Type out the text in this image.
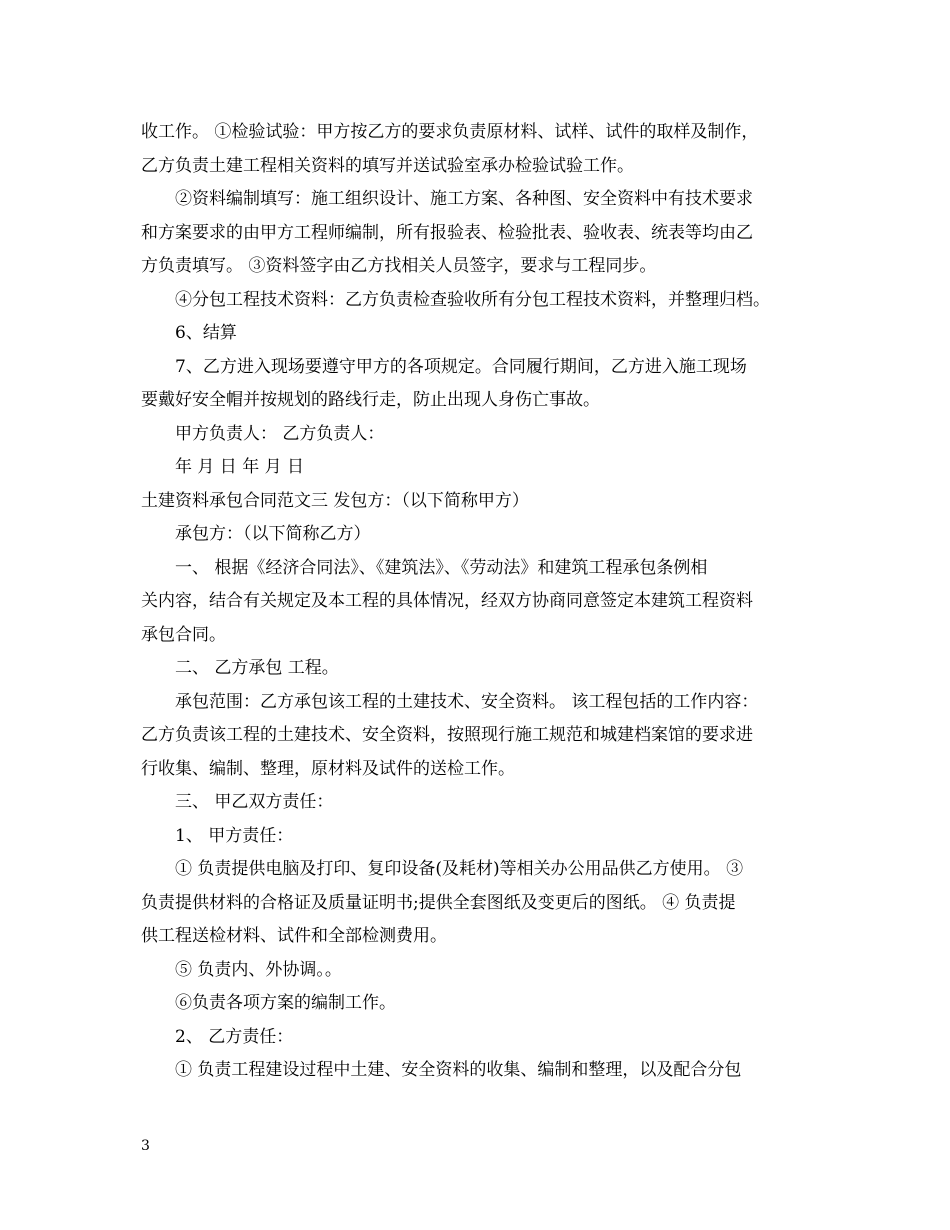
收工作。 ①检验试验：甲方按乙方的要求负责原材料、试样、试件的取样及制作，
乙方负责土建工程相关资料的填写并送试验室承办检验试验工作。
②资料编制填写：施工组织设计、施工方案、各种图、安全资料中有技术要求
和方案要求的由甲方工程师编制，所有报验表、检验批表、验收表、统表等均由乙
方负责填写。 ③资料签字由乙方找相关人员签字，要求与工程同步。
④分包工程技术资料：乙方负责检查验收所有分包工程技术资料，并整理归档。
6、结算
7、乙方进入现场要遵守甲方的各项规定。合同履行期间，乙方进入施工现场
要戴好安全帽并按规划的路线行走，防止出现人身伤亡事故。
甲方负责人： 乙方负责人：
年 月 日 年 月 日
土建资料承包合同范文三 发包方：（以下简称甲方）
承包方：（以下简称乙方）
一、 根据《经济合同法》、《建筑法》、《劳动法》和建筑工程承包条例相
关内容，结合有关规定及本工程的具体情况，经双方协商同意签定本建筑工程资料
承包合同。
二、 乙方承包 工程。
承包范围：乙方承包该工程的土建技术、安全资料。 该工程包括的工作内容：
乙方负责该工程的土建技术、安全资料，按照现行施工规范和城建档案馆的要求进
行收集、编制、整理，原材料及试件的送检工作。
三、 甲乙双方责任：
1、 甲方责任：
① 负责提供电脑及打印、复印设备(及耗材)等相关办公用品供乙方使用。 ③
负责提供材料的合格证及质量证明书;提供全套图纸及变更后的图纸。 ④ 负责提
供工程送检材料、试件和全部检测费用。
⑤ 负责内、外协调。。
⑥负责各项方案的编制工作。
2、 乙方责任：
① 负责工程建设过程中土建、安全资料的收集、编制和整理，以及配合分包
3
